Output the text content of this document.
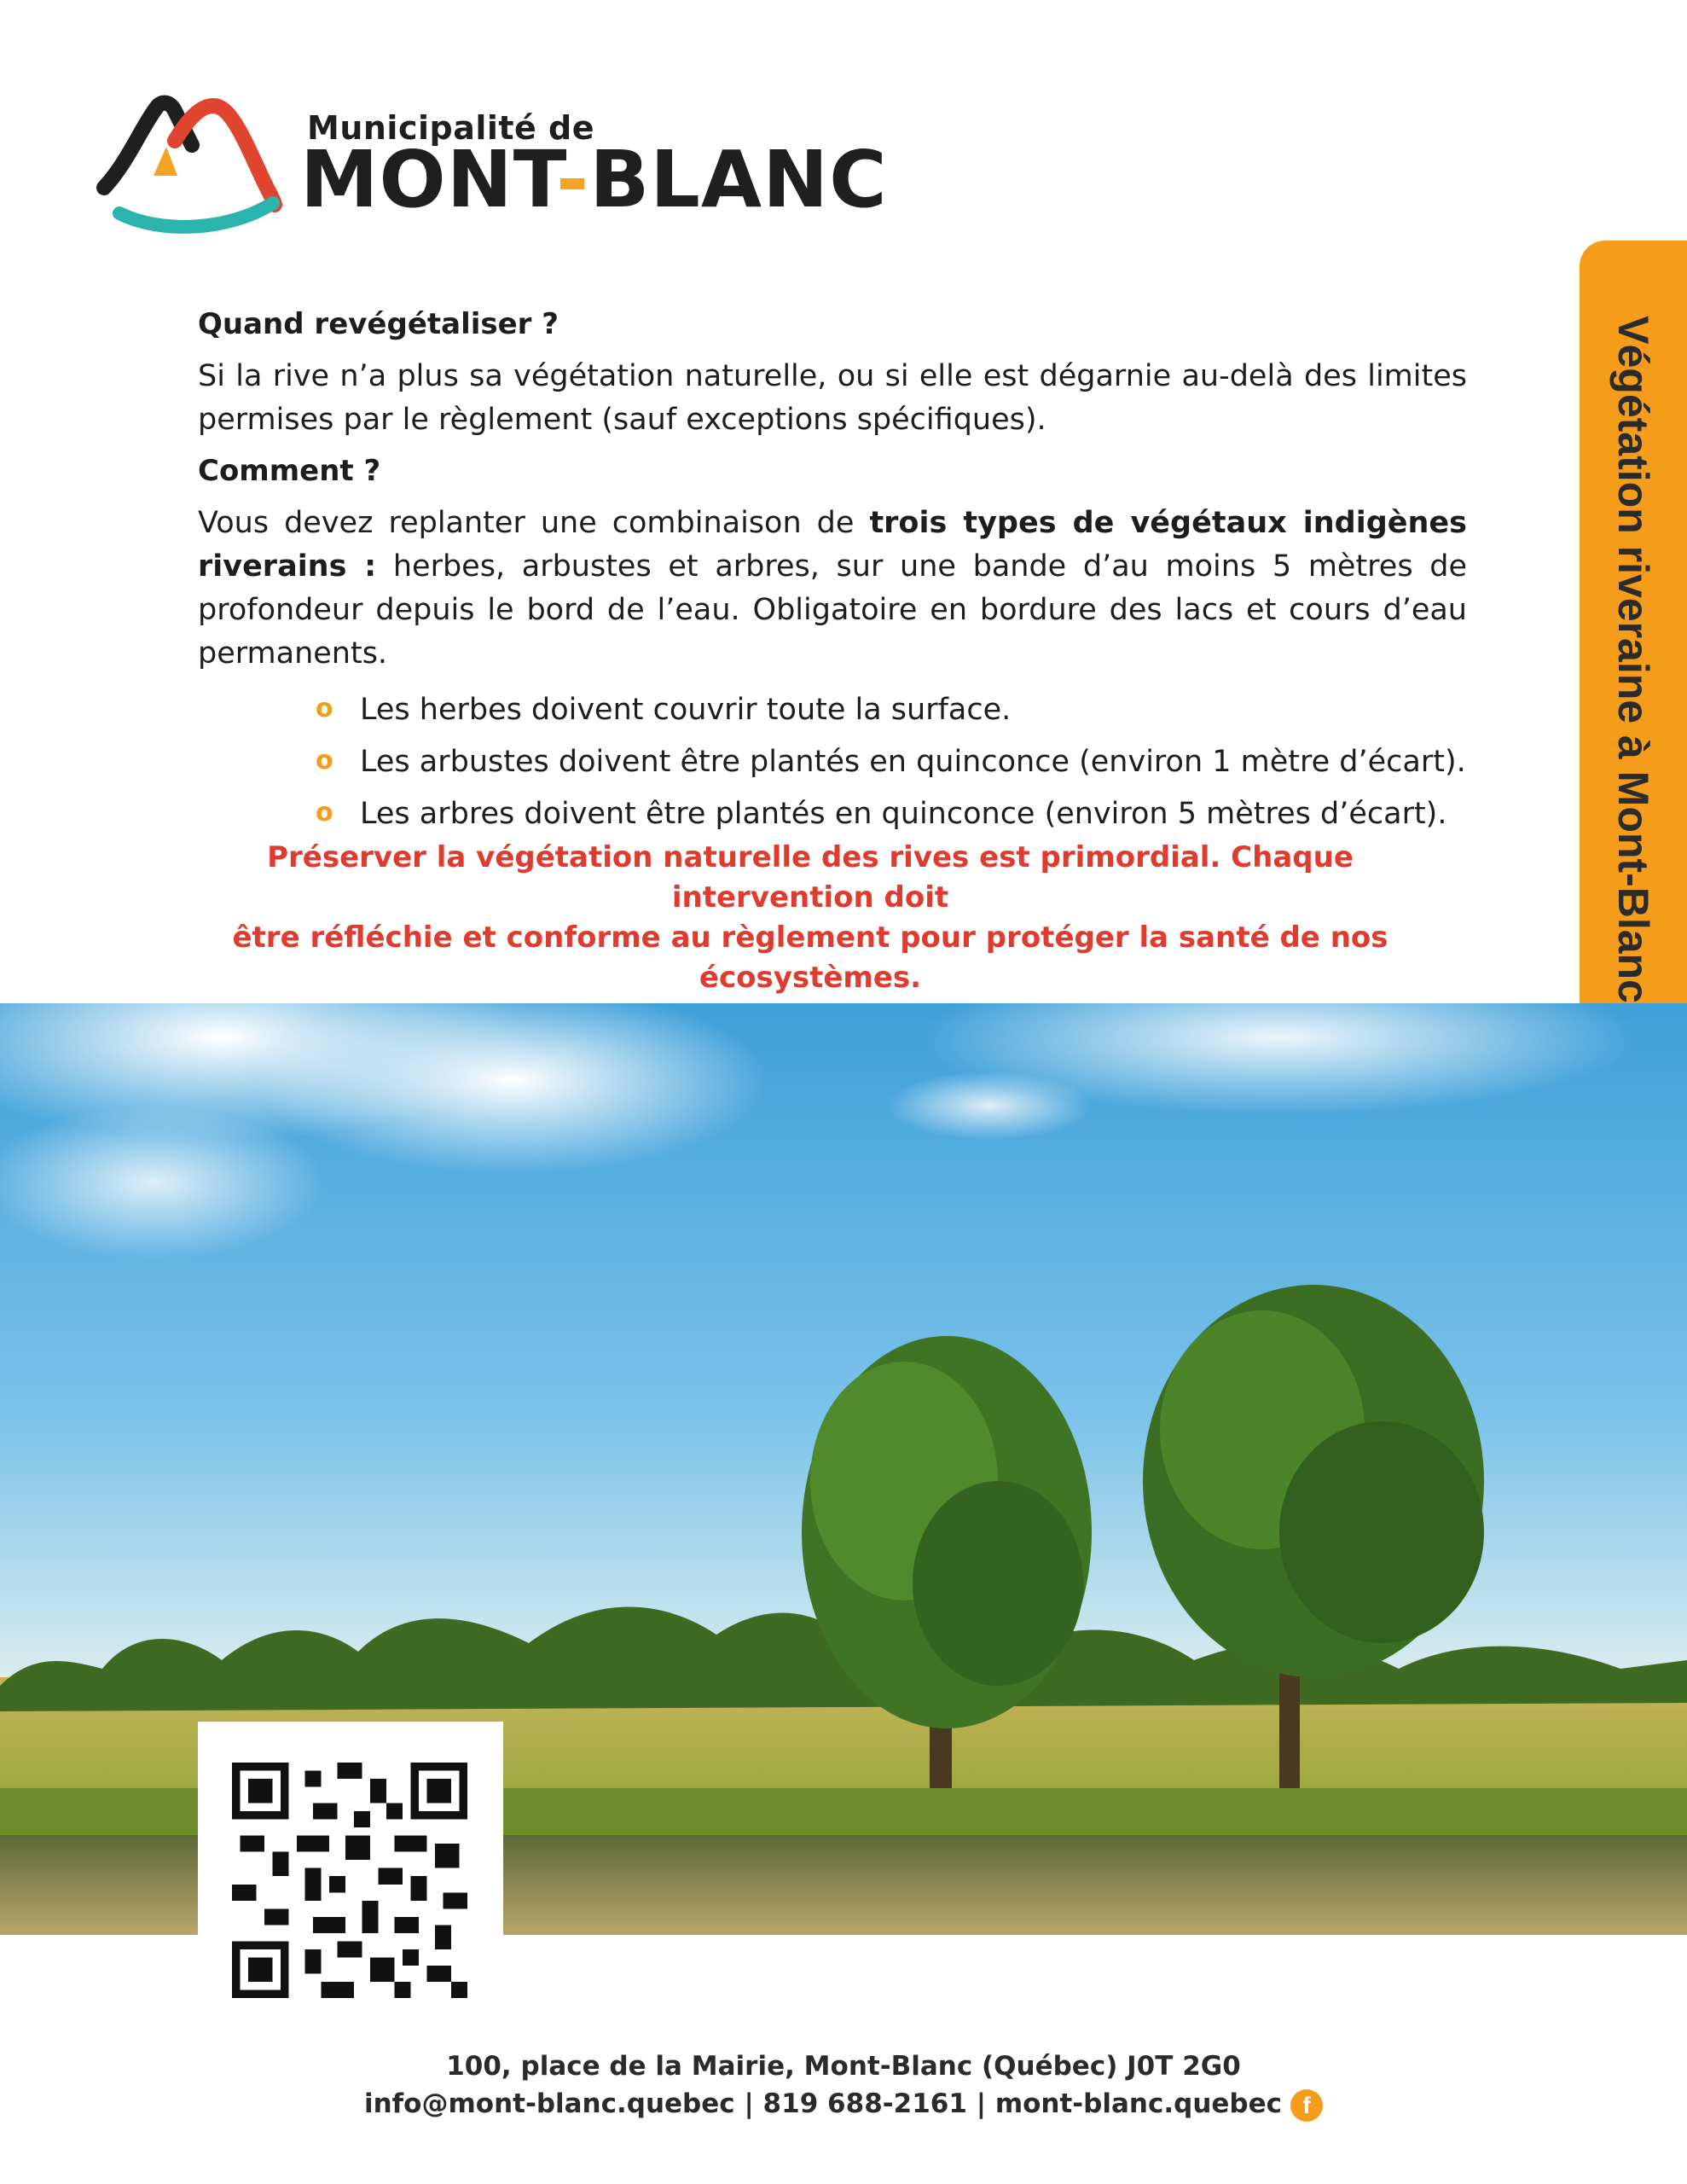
Municipalité de
MONT-BLANC
Végétation riveraine à Mont-Blanc
Quand revégétaliser ?
Si la rive n’a plus sa végétation naturelle, ou si elle est dégarnie au-delà des limites permises par le règlement (sauf exceptions spécifiques).
Comment ?
Vous devez replanter une combinaison de trois types de végétaux indigènes riverains : herbes, arbustes et arbres, sur une bande d’au moins 5 mètres de profondeur depuis le bord de l’eau. Obligatoire en bordure des lacs et cours d’eau permanents.
o Les herbes doivent couvrir toute la surface.
o Les arbustes doivent être plantés en quinconce (environ 1 mètre d’écart).
o Les arbres doivent être plantés en quinconce (environ 5 mètres d’écart).
Préserver la végétation naturelle des rives est primordial. Chaque intervention doit
être réfléchie et conforme au règlement pour protéger la santé de nos écosystèmes.
100, place de la Mairie, Mont-Blanc (Québec) J0T 2G0
info@mont-blanc.quebec | 819 688-2161 | mont-blanc.quebec f
